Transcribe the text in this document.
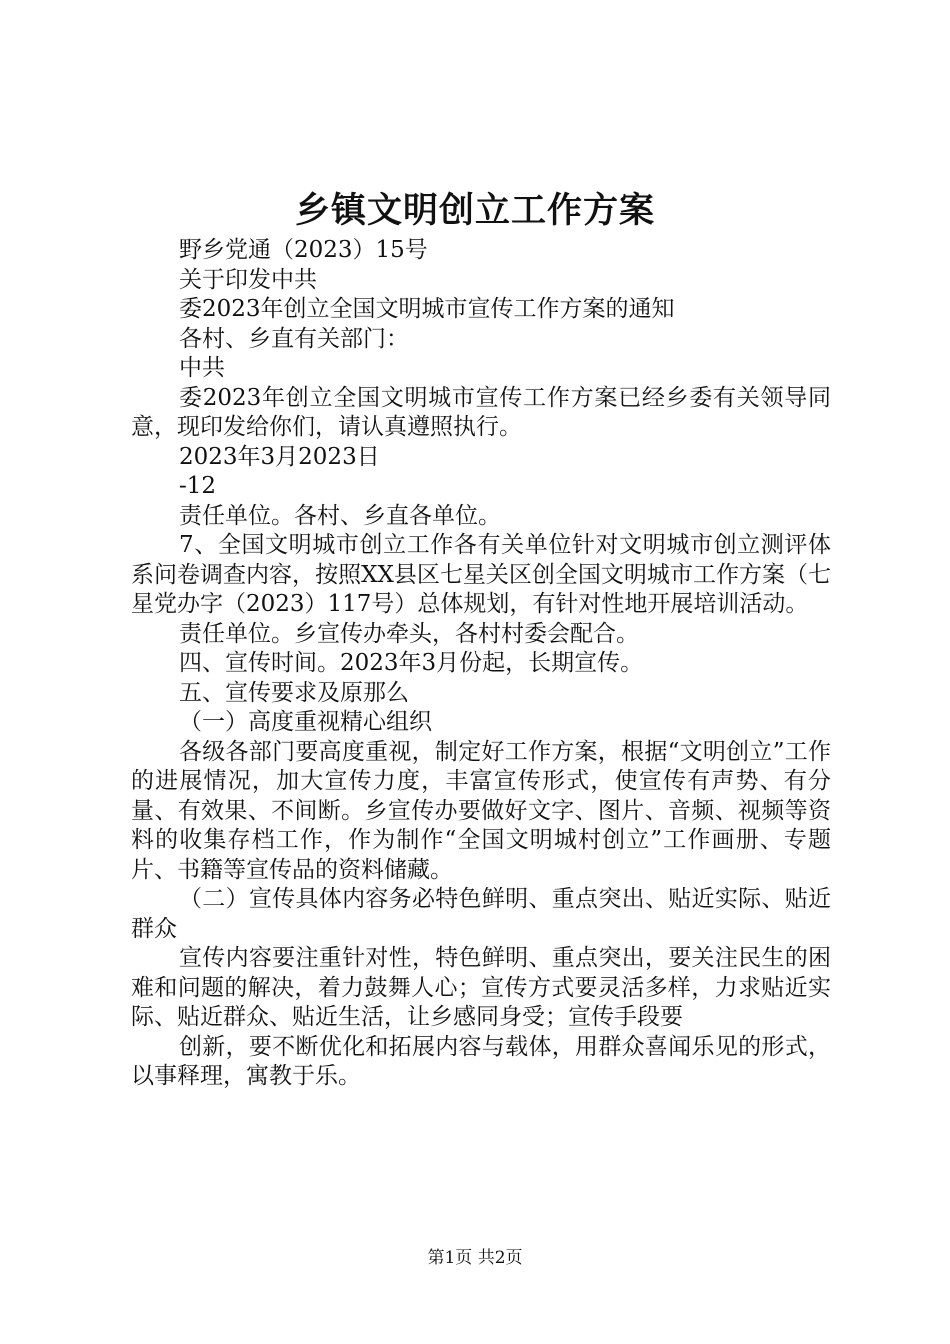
乡镇文明创立工作方案

野乡党通（2023）15号

关于印发中共

委2023年创立全国文明城市宣传工作方案的通知

各村、乡直有关部门：

中共

委2023年创立全国文明城市宣传工作方案已经乡委有关领导同意，现印发给你们，请认真遵照执行。

2023年3月2023日

-12

责任单位。各村、乡直各单位。

7、全国文明城市创立工作各有关单位针对文明城市创立测评体系问卷调查内容，按照XX县区七星关区创全国文明城市工作方案（七星党办字（2023）117号）总体规划，有针对性地开展培训活动。

责任单位。乡宣传办牵头，各村村委会配合。

四、宣传时间。2023年3月份起，长期宣传。

五、宣传要求及原那么

（一）高度重视精心组织

各级各部门要高度重视，制定好工作方案，根据“文明创立”工作的进展情况，加大宣传力度，丰富宣传形式，使宣传有声势、有分量、有效果、不间断。乡宣传办要做好文字、图片、音频、视频等资料的收集存档工作，作为制作“全国文明城村创立”工作画册、专题片、书籍等宣传品的资料储藏。

（二）宣传具体内容务必特色鲜明、重点突出、贴近实际、贴近群众

宣传内容要注重针对性，特色鲜明、重点突出，要关注民生的困难和问题的解决，着力鼓舞人心；宣传方式要灵活多样，力求贴近实际、贴近群众、贴近生活，让乡感同身受；宣传手段要

创新，要不断优化和拓展内容与载体，用群众喜闻乐见的形式，以事释理，寓教于乐。

第1页 共2页
